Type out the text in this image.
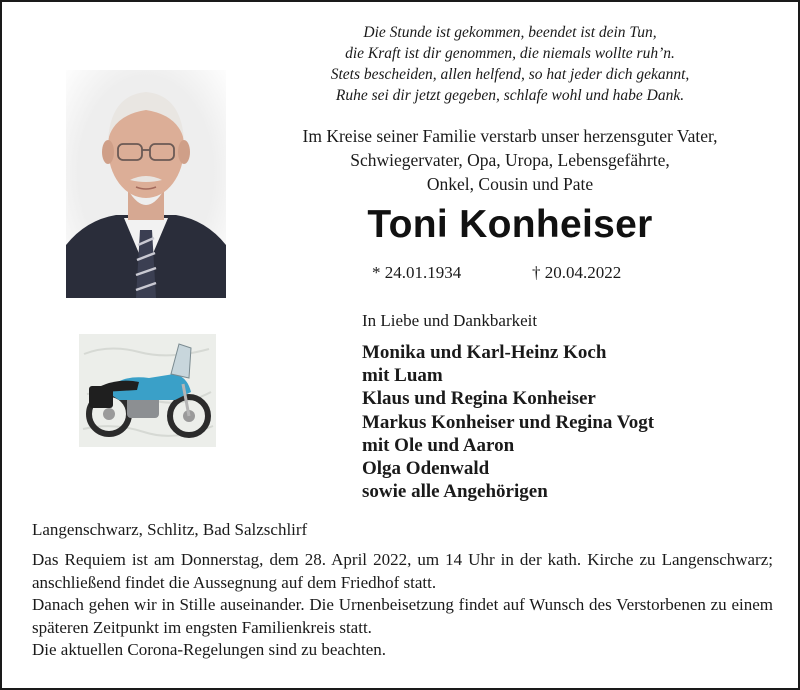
Die Stunde ist gekommen, beendet ist dein Tun,
die Kraft ist dir genommen, die niemals wollte ruh’n.
Stets bescheiden, allen helfend, so hat jeder dich gekannt,
Ruhe sei dir jetzt gegeben, schlafe wohl und habe Dank.
Im Kreise seiner Familie verstarb unser herzensguter Vater,
Schwiegervater, Opa, Uropa, Lebensgefährte,
Onkel, Cousin und Pate
Toni Konheiser
* 24.01.1934	† 20.04.2022
In Liebe und Dankbarkeit
Monika und Karl-Heinz Koch
mit Luam
Klaus und Regina Konheiser
Markus Konheiser und Regina Vogt
mit Ole und Aaron
Olga Odenwald
sowie alle Angehörigen
Langenschwarz, Schlitz, Bad Salzschlirf

Das Requiem ist am Donnerstag, dem 28. April 2022, um 14 Uhr in der kath. Kirche zu Langenschwarz; anschließend findet die Aussegnung auf dem Friedhof statt.

Danach gehen wir in Stille auseinander. Die Urnenbeisetzung findet auf Wunsch des Verstorbenen zu einem späteren Zeitpunkt im engsten Familienkreis statt.

Die aktuellen Corona-Regelungen sind zu beachten.
